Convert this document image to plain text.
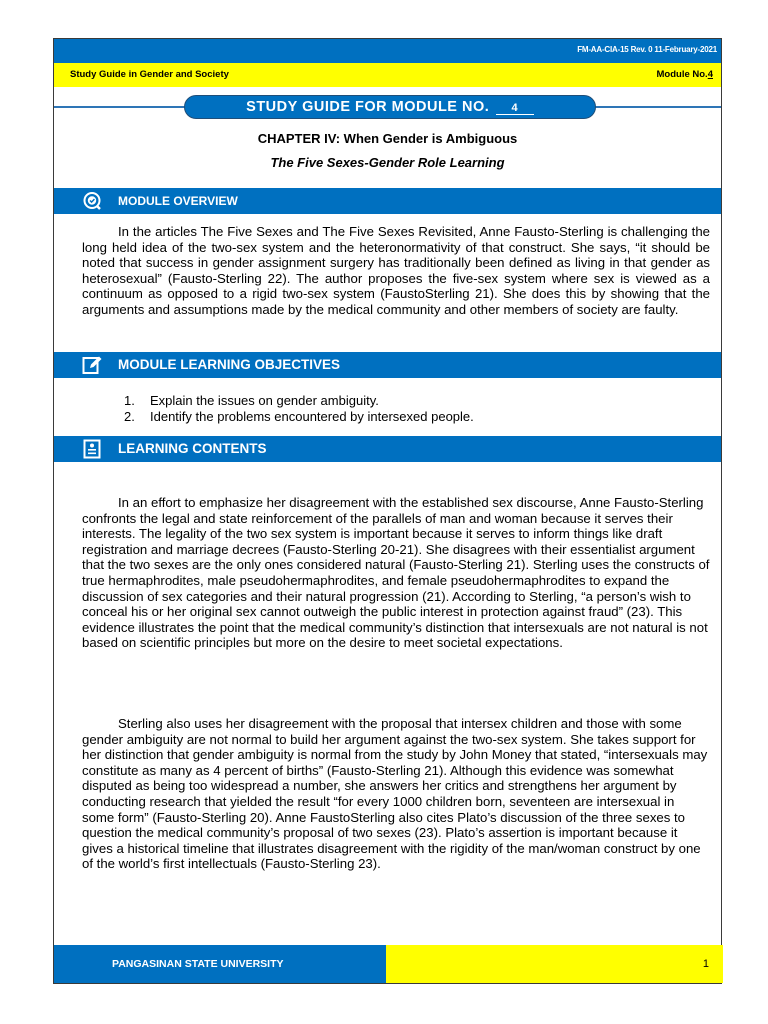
FM-AA-CIA-15 Rev. 0 11-February-2021
Study Guide in Gender and Society	Module No.4
STUDY GUIDE FOR MODULE NO. 4
CHAPTER IV: When Gender is Ambiguous
The Five Sexes-Gender Role Learning
MODULE OVERVIEW
In the articles The Five Sexes and The Five Sexes Revisited, Anne Fausto-Sterling is challenging the long held idea of the two-sex system and the heteronormativity of that construct. She says, “it should be noted that success in gender assignment surgery has traditionally been defined as living in that gender as heterosexual” (Fausto-Sterling 22). The author proposes the five-sex system where sex is viewed as a continuum as opposed to a rigid two-sex system (FaustoSterling 21). She does this by showing that the arguments and assumptions made by the medical community and other members of society are faulty.
MODULE LEARNING OBJECTIVES
1. Explain the issues on gender ambiguity.
2. Identify the problems encountered by intersexed people.
LEARNING CONTENTS
In an effort to emphasize her disagreement with the established sex discourse, Anne Fausto-Sterling confronts the legal and state reinforcement of the parallels of man and woman because it serves their interests. The legality of the two sex system is important because it serves to inform things like draft registration and marriage decrees (Fausto-Sterling 20-21). She disagrees with their essentialist argument that the two sexes are the only ones considered natural (Fausto-Sterling 21). Sterling uses the constructs of true hermaphrodites, male pseudohermaphrodites, and female pseudohermaphrodites to expand the discussion of sex categories and their natural progression (21). According to Sterling, “a person’s wish to conceal his or her original sex cannot outweigh the public interest in protection against fraud” (23). This evidence illustrates the point that the medical community’s distinction that intersexuals are not natural is not based on scientific principles but more on the desire to meet societal expectations.
Sterling also uses her disagreement with the proposal that intersex children and those with some gender ambiguity are not normal to build her argument against the two-sex system. She takes support for her distinction that gender ambiguity is normal from the study by John Money that stated, “intersexuals may constitute as many as 4 percent of births” (Fausto-Sterling 21). Although this evidence was somewhat disputed as being too widespread a number, she answers her critics and strengthens her argument by conducting research that yielded the result “for every 1000 children born, seventeen are intersexual in some form” (Fausto-Sterling 20). Anne FaustoSterling also cites Plato’s discussion of the three sexes to question the medical community’s proposal of two sexes (23). Plato’s assertion is important because it gives a historical timeline that illustrates disagreement with the rigidity of the man/woman construct by one of the world’s first intellectuals (Fausto-Sterling 23).
PANGASINAN STATE UNIVERSITY	1
